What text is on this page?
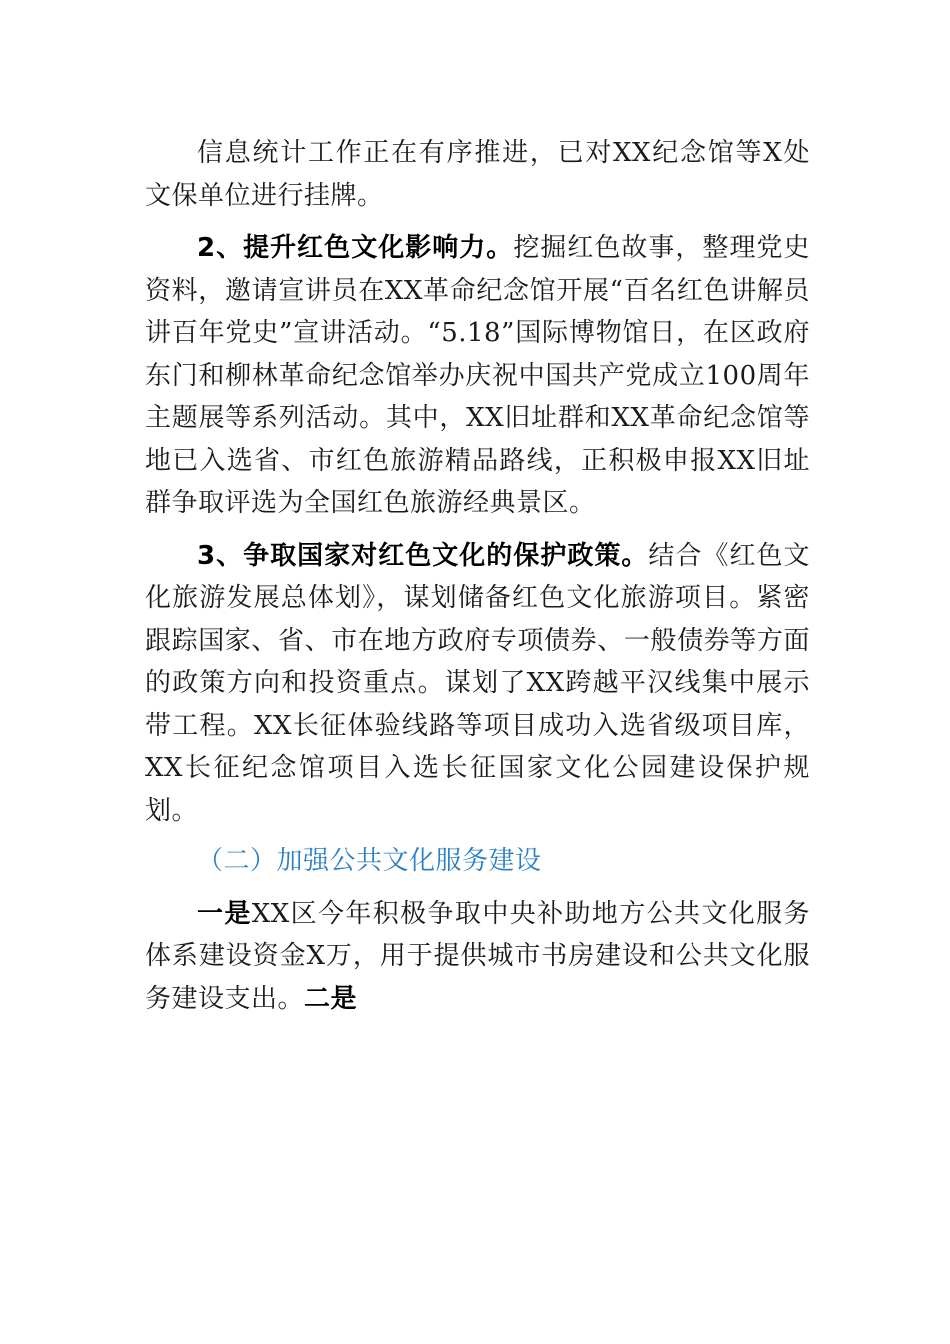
信息统计工作正在有序推进，已对XX纪念馆等X处文保单位进行挂牌。

2、提升红色文化影响力。挖掘红色故事，整理党史资料，邀请宣讲员在XX革命纪念馆开展“百名红色讲解员讲百年党史”宣讲活动。“5.18”国际博物馆日，在区政府东门和柳林革命纪念馆举办庆祝中国共产党成立100周年主题展等系列活动。其中，XX旧址群和XX革命纪念馆等地已入选省、市红色旅游精品路线，正积极申报XX旧址群争取评选为全国红色旅游经典景区。

3、争取国家对红色文化的保护政策。结合《红色文化旅游发展总体划》，谋划储备红色文化旅游项目。紧密跟踪国家、省、市在地方政府专项债券、一般债券等方面的政策方向和投资重点。谋划了XX跨越平汉线集中展示带工程。XX长征体验线路等项目成功入选省级项目库，XX长征纪念馆项目入选长征国家文化公园建设保护规划。

（二）加强公共文化服务建设

一是XX区今年积极争取中央补助地方公共文化服务体系建设资金X万，用于提供城市书房建设和公共文化服务建设支出。二是
